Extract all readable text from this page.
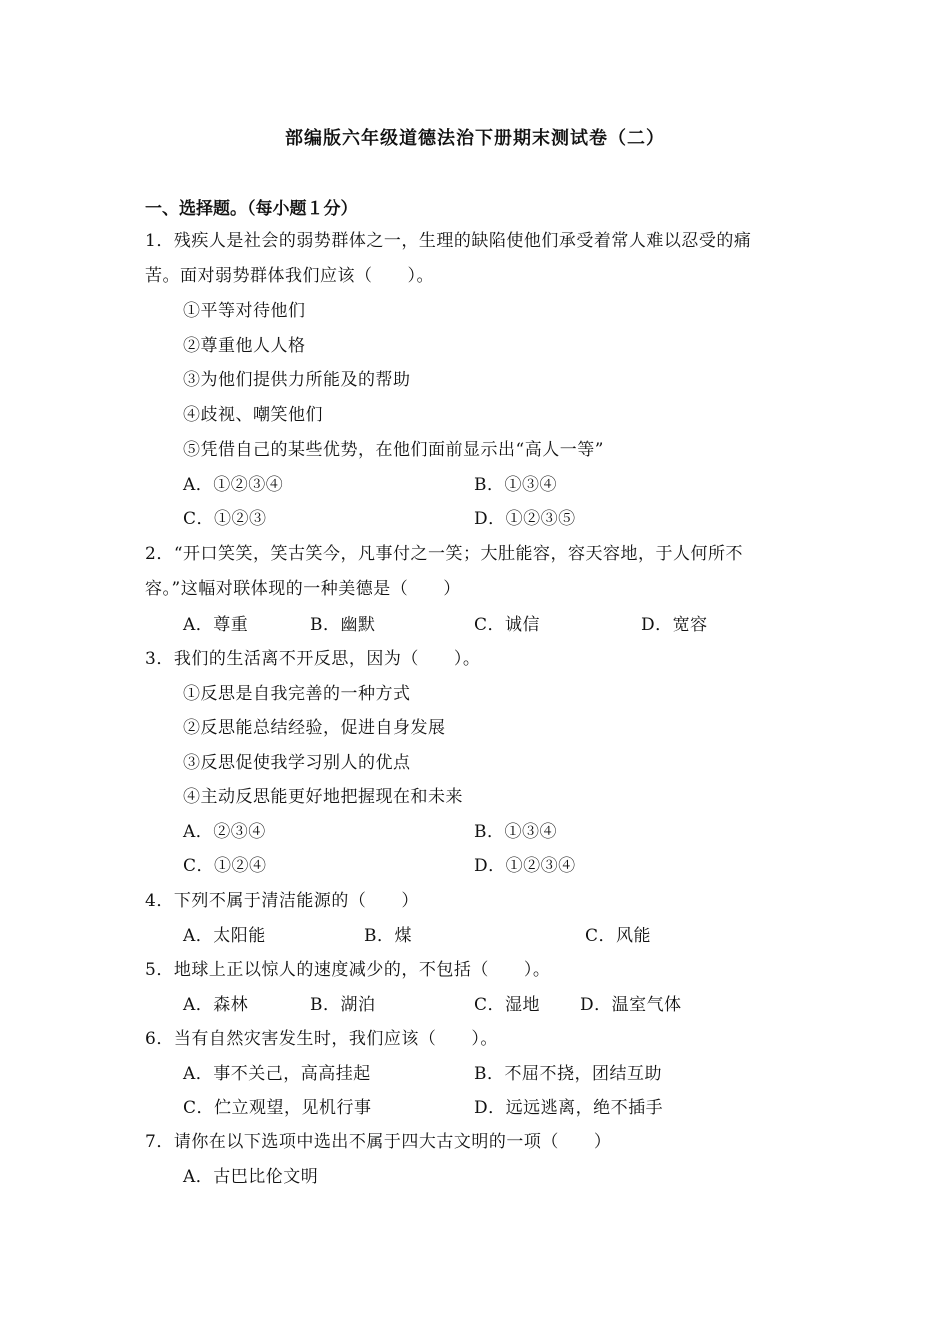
部编版六年级道德法治下册期末测试卷（二）
一、选择题。（每小题１分）
1．残疾人是社会的弱势群体之一，生理的缺陷使他们承受着常人难以忍受的痛
苦。面对弱势群体我们应该（　　）。
①平等对待他们
②尊重他人人格
③为他们提供力所能及的帮助
④歧视、嘲笑他们
⑤凭借自己的某些优势，在他们面前显示出“高人一等”
A．①②③④	B．①③④
C．①②③	D．①②③⑤
2．“开口笑笑，笑古笑今，凡事付之一笑；大肚能容，容天容地，于人何所不
容。”这幅对联体现的一种美德是（　　）
A．尊重	B．幽默	C．诚信	D．宽容
3．我们的生活离不开反思，因为（　　）。
①反思是自我完善的一种方式
②反思能总结经验，促进自身发展
③反思促使我学习别人的优点
④主动反思能更好地把握现在和未来
A．②③④	B．①③④
C．①②④	D．①②③④
4．下列不属于清洁能源的（　　）
A．太阳能	B．煤	C．风能
5．地球上正以惊人的速度减少的，不包括（　　）。
A．森林	B．湖泊	C．湿地 D．温室气体
6．当有自然灾害发生时，我们应该（　　）。
A．事不关己，高高挂起	B．不屈不挠，团结互助
C．伫立观望，见机行事	D．远远逃离，绝不插手
7．请你在以下选项中选出不属于四大古文明的一项（　　）
A．古巴比伦文明
